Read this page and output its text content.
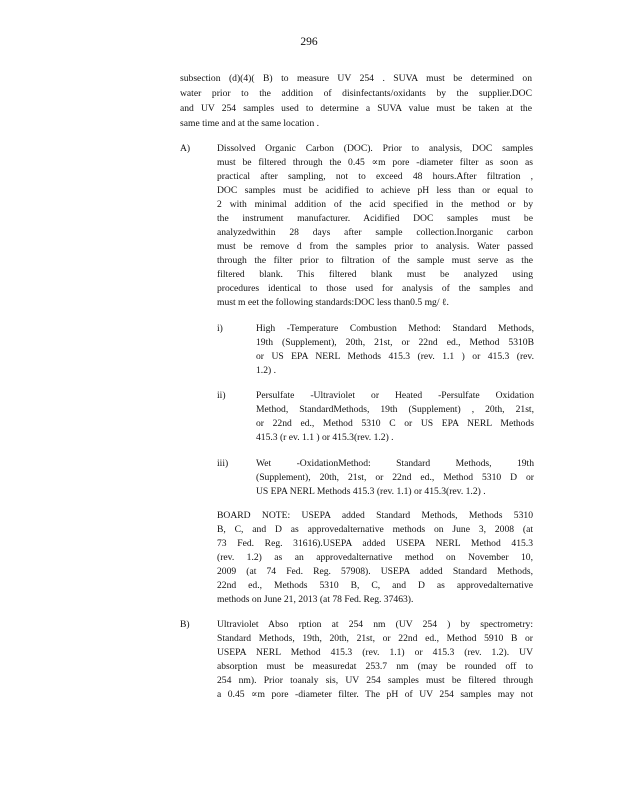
296
subsection (d)(4)( B) to measure UV 254 . SUVA must be determined on
water prior to the addition of disinfectants/oxidants by the supplier.DOC
and UV 254 samples used to determine a SUVA value must be taken at the
same time and at the same location .
A)	Dissolved Organic Carbon (DOC). Prior to analysis, DOC samples
must be filtered through the 0.45 ∝m pore -diameter filter as soon as
practical after sampling, not to exceed 48 hours.After filtration ,
DOC samples must be acidified to achieve pH less than or equal to
2 with minimal addition of the acid specified in the method or by
the instrument manufacturer. Acidified DOC samples must be
analyzedwithin 28 days after sample collection.Inorganic carbon
must be remove d from the samples prior to analysis. Water passed
through the filter prior to filtration of the sample must serve as the
filtered blank. This filtered blank must be analyzed using
procedures identical to those used for analysis of the samples and
must m eet the following standards:DOC less than0.5 mg/ ℓ.
i)	High -Temperature Combustion Method: Standard Methods,
19th (Supplement), 20th, 21st, or 22nd ed., Method 5310B
or US EPA NERL Methods 415.3 (rev. 1.1 ) or 415.3 (rev.
1.2) .
ii)	Persulfate -Ultraviolet or Heated -Persulfate Oxidation
Method, StandardMethods, 19th (Supplement) , 20th, 21st,
or 22nd ed., Method 5310 C or US EPA NERL Methods
415.3 (r ev. 1.1 ) or 415.3(rev. 1.2) .
iii)	Wet -OxidationMethod: Standard Methods, 19th
(Supplement), 20th, 21st, or 22nd ed., Method 5310 D or
US EPA NERL Methods 415.3 (rev. 1.1) or 415.3(rev. 1.2) .
BOARD NOTE: USEPA added Standard Methods, Methods 5310
B, C, and D as approvedalternative methods on June 3, 2008 (at
73 Fed. Reg. 31616).USEPA added USEPA NERL Method 415.3
(rev. 1.2) as an approvedalternative method on November 10,
2009 (at 74 Fed. Reg. 57908). USEPA added Standard Methods,
22nd ed., Methods 5310 B, C, and D as approvedalternative
methods on June 21, 2013 (at 78 Fed. Reg. 37463).
B)	Ultraviolet Abso rption at 254 nm (UV 254 ) by spectrometry:
Standard Methods, 19th, 20th, 21st, or 22nd ed., Method 5910 B or
USEPA NERL Method 415.3 (rev. 1.1) or 415.3 (rev. 1.2). UV
absorption must be measuredat 253.7 nm (may be rounded off to
254 nm). Prior toanaly sis, UV 254 samples must be filtered through
a 0.45 ∝m pore -diameter filter. The pH of UV 254 samples may not
